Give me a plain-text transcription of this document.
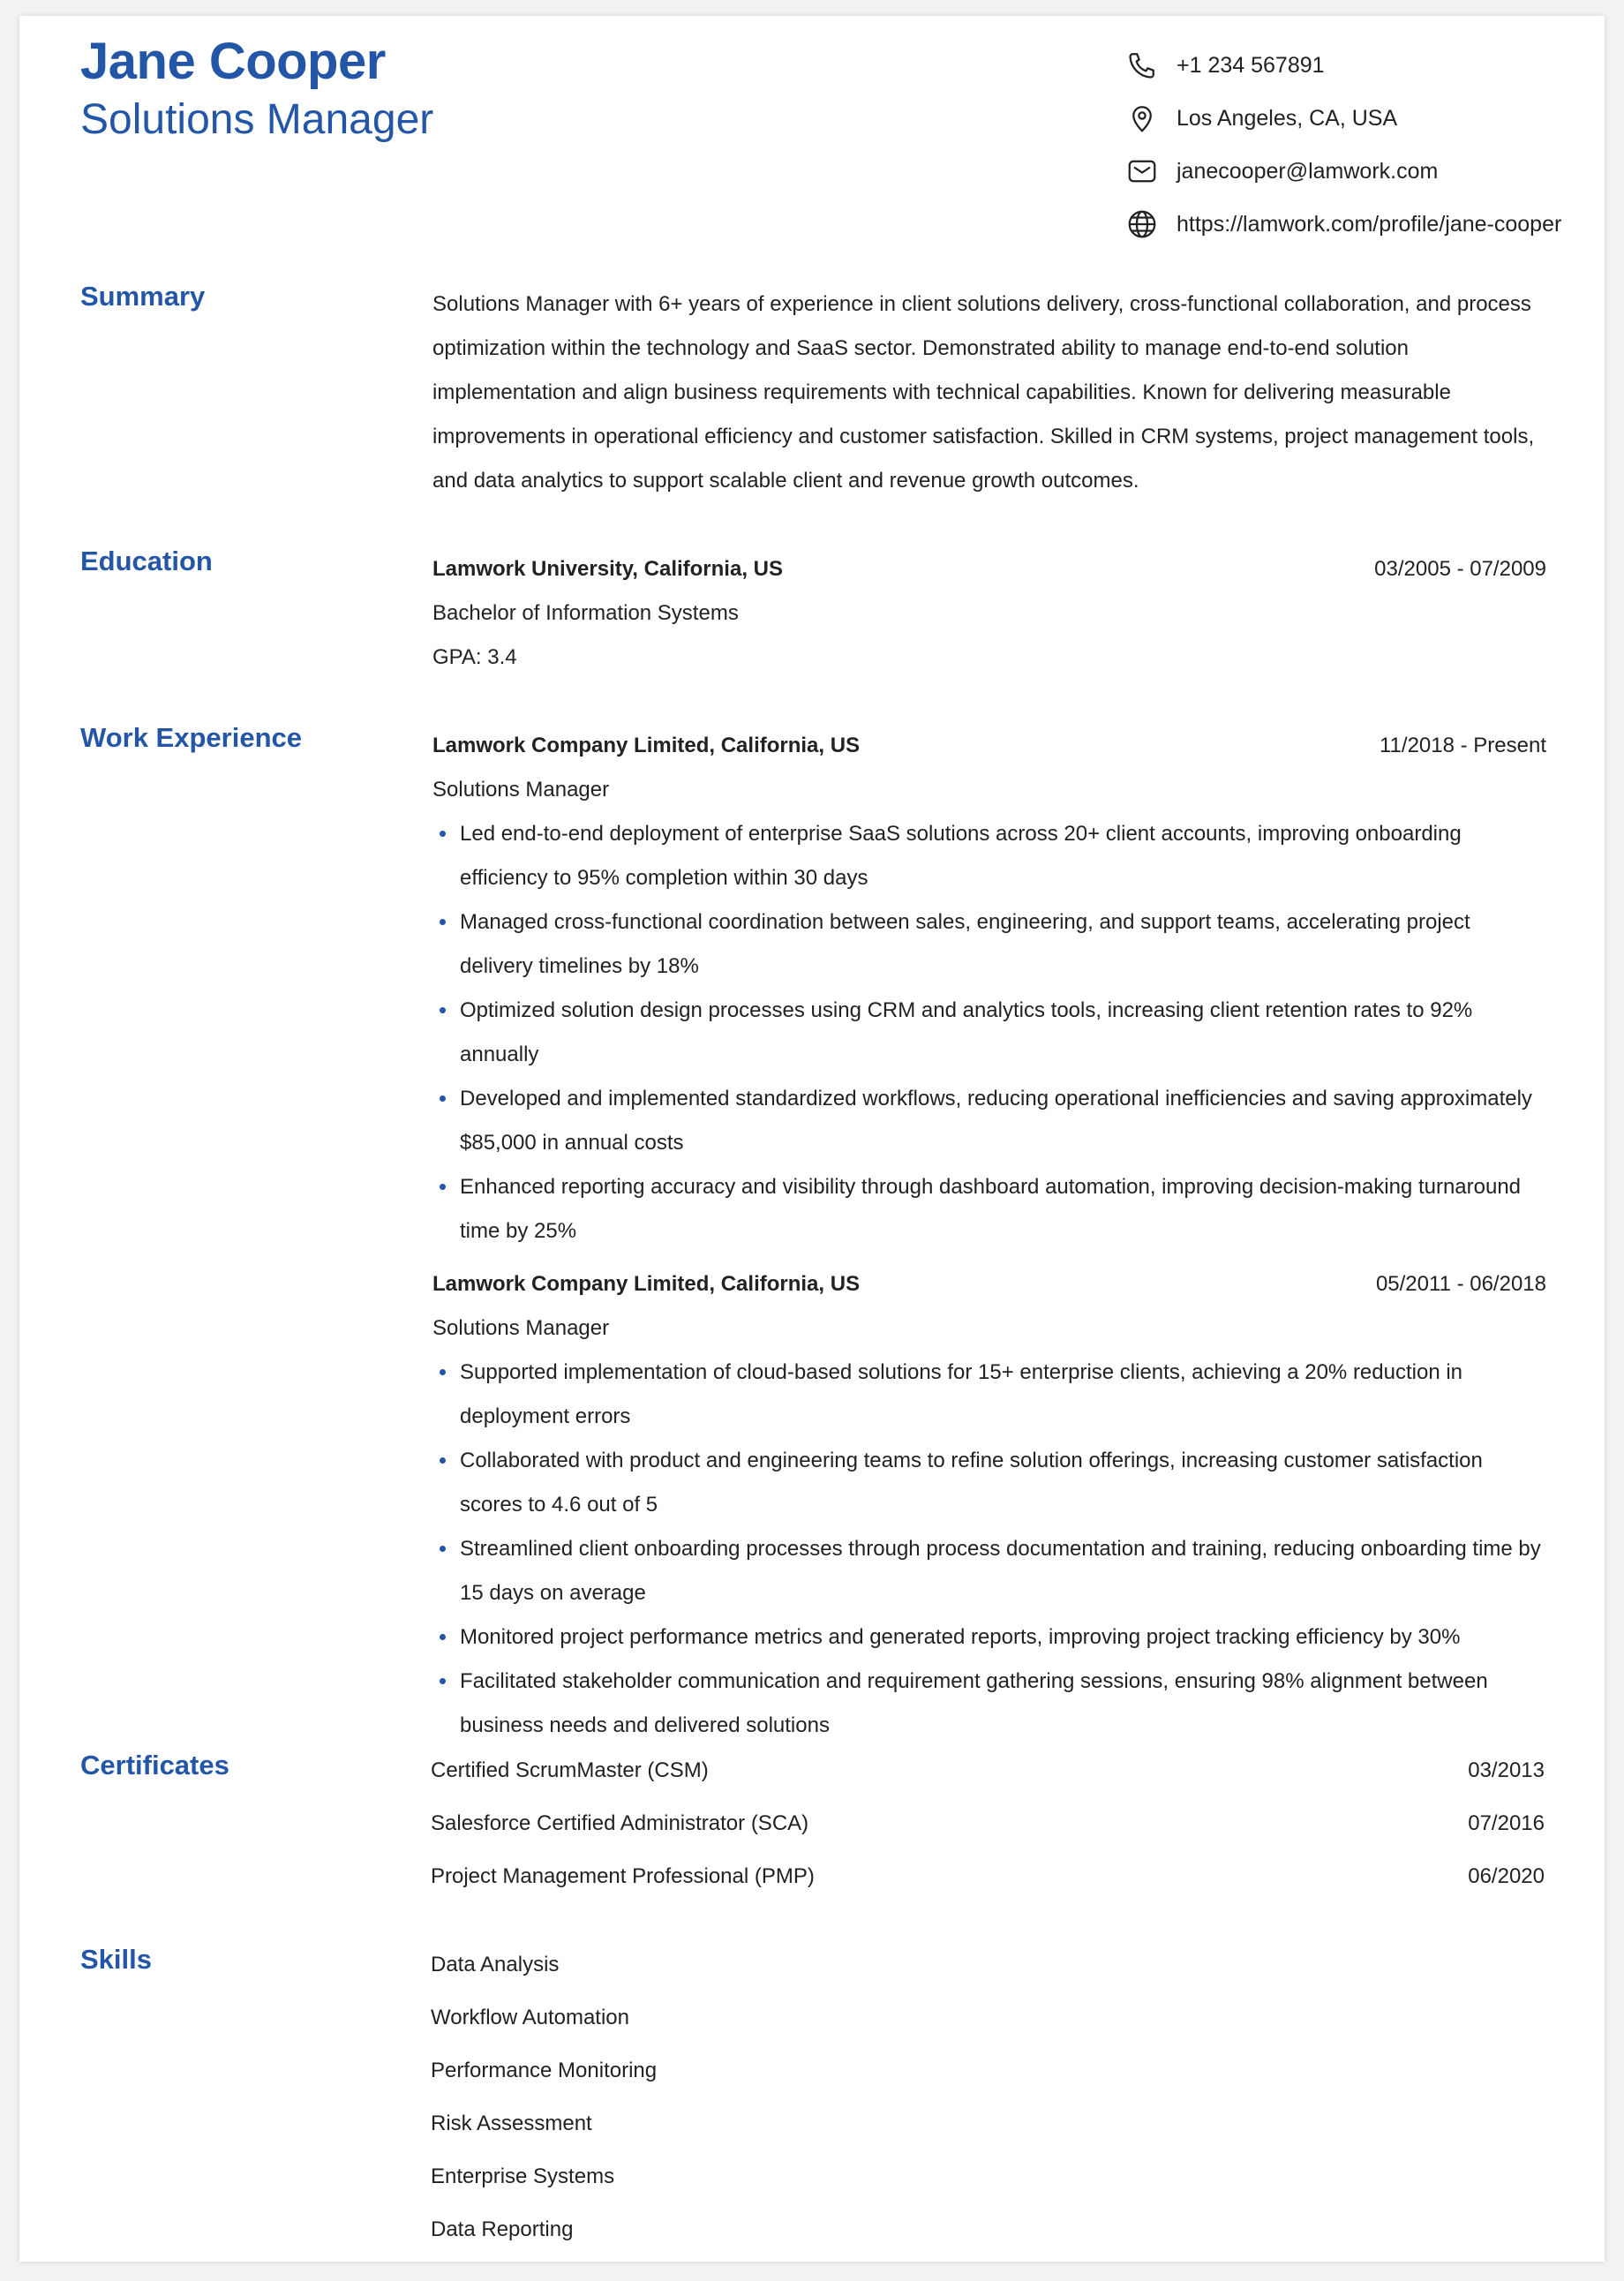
Jane Cooper
Solutions Manager
+1 234 567891
Los Angeles, CA, USA
janecooper@lamwork.com
https://lamwork.com/profile/jane-cooper
Summary	Solutions Manager with 6+ years of experience in client solutions delivery, cross-functional collaboration, and process optimization within the technology and SaaS sector. Demonstrated ability to manage end-to-end solution implementation and align business requirements with technical capabilities. Known for delivering measurable improvements in operational efficiency and customer satisfaction. Skilled in CRM systems, project management tools, and data analytics to support scalable client and revenue growth outcomes.

Education	Lamwork University, California, US	03/2005 - 07/2009
Bachelor of Information Systems
GPA: 3.4
Work Experience	Lamwork Company Limited, California, US	11/2018 - Present
Solutions Manager
Led end-to-end deployment of enterprise SaaS solutions across 20+ client accounts, improving onboarding efficiency to 95% completion within 30 days
Managed cross-functional coordination between sales, engineering, and support teams, accelerating project delivery timelines by 18%
Optimized solution design processes using CRM and analytics tools, increasing client retention rates to 92% annually
Developed and implemented standardized workflows, reducing operational inefficiencies and saving approximately $85,000 in annual costs
Enhanced reporting accuracy and visibility through dashboard automation, improving decision-making turnaround time by 25%
Lamwork Company Limited, California, US	05/2011 - 06/2018
Solutions Manager
Supported implementation of cloud-based solutions for 15+ enterprise clients, achieving a 20% reduction in deployment errors
Collaborated with product and engineering teams to refine solution offerings, increasing customer satisfaction scores to 4.6 out of 5
Streamlined client onboarding processes through process documentation and training, reducing onboarding time by 15 days on average
Monitored project performance metrics and generated reports, improving project tracking efficiency by 30%
Facilitated stakeholder communication and requirement gathering sessions, ensuring 98% alignment between business needs and delivered solutions
Certificates	Certified ScrumMaster (CSM)	03/2013
Salesforce Certified Administrator (SCA)	07/2016
Project Management Professional (PMP)	06/2020
Skills	Data Analysis
Workflow Automation
Performance Monitoring
Risk Assessment
Enterprise Systems
Data Reporting
